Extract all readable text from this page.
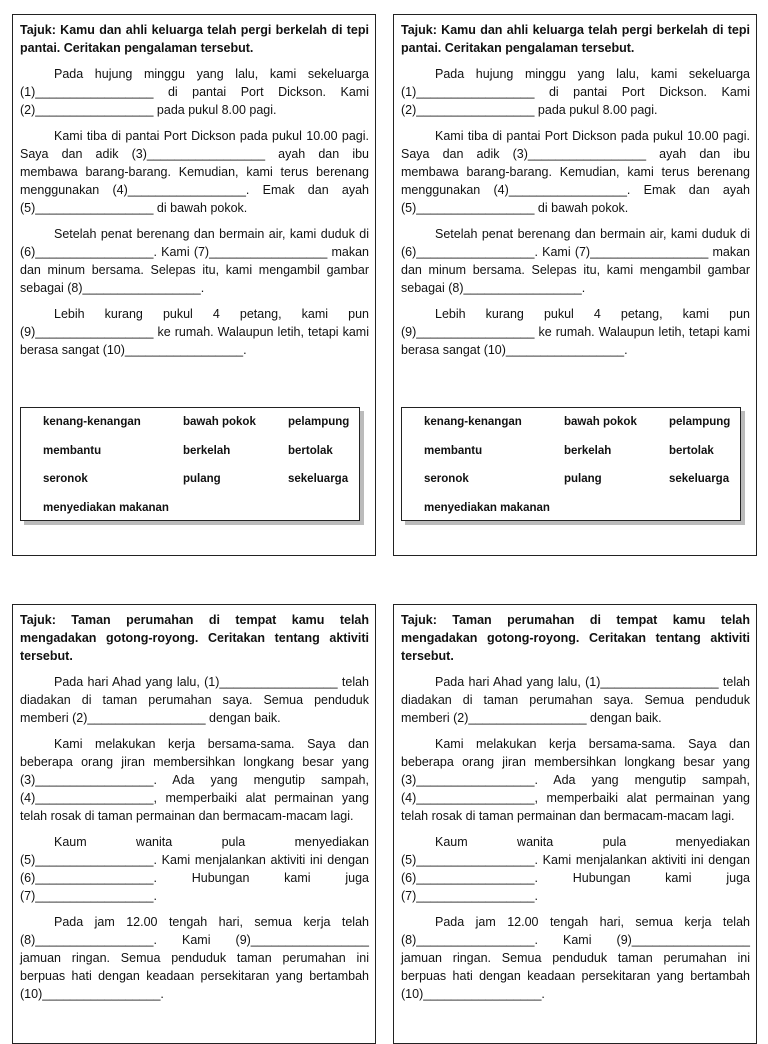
Tajuk: Kamu dan ahli keluarga telah pergi berkelah di tepi pantai. Ceritakan pengalaman tersebut.

Pada hujung minggu yang lalu, kami sekeluarga (1)_________________ di pantai Port Dickson. Kami (2)_________________ pada pukul 8.00 pagi.

Kami tiba di pantai Port Dickson pada pukul 10.00 pagi. Saya dan adik (3)_________________ ayah dan ibu membawa barang-barang. Kemudian, kami terus berenang menggunakan (4)_________________. Emak dan ayah (5)_________________ di bawah pokok.

Setelah penat berenang dan bermain air, kami duduk di (6)_________________. Kami (7)_________________ makan dan minum bersama. Selepas itu, kami mengambil gambar sebagai (8)_________________.

Lebih kurang pukul 4 petang, kami pun (9)_________________ ke rumah. Walaupun letih, tetapi kami berasa sangat (10)_________________.

kenang-kenangan	bawah pokok	pelampung
membantu	berkelah	bertolak
seronok	pulang	sekeluarga
menyediakan makanan

Tajuk: Kamu dan ahli keluarga telah pergi berkelah di tepi pantai. Ceritakan pengalaman tersebut.

Pada hujung minggu yang lalu, kami sekeluarga (1)_________________ di pantai Port Dickson. Kami (2)_________________ pada pukul 8.00 pagi.

Kami tiba di pantai Port Dickson pada pukul 10.00 pagi. Saya dan adik (3)_________________ ayah dan ibu membawa barang-barang. Kemudian, kami terus berenang menggunakan (4)_________________. Emak dan ayah (5)_________________ di bawah pokok.

Setelah penat berenang dan bermain air, kami duduk di (6)_________________. Kami (7)_________________ makan dan minum bersama. Selepas itu, kami mengambil gambar sebagai (8)_________________.

Lebih kurang pukul 4 petang, kami pun (9)_________________ ke rumah. Walaupun letih, tetapi kami berasa sangat (10)_________________.

kenang-kenangan	bawah pokok	pelampung
membantu	berkelah	bertolak
seronok	pulang	sekeluarga
menyediakan makanan

Tajuk: Taman perumahan di tempat kamu telah mengadakan gotong-royong. Ceritakan tentang aktiviti tersebut.

Pada hari Ahad yang lalu, (1)_________________ telah diadakan di taman perumahan saya. Semua penduduk memberi (2)_________________ dengan baik.

Kami melakukan kerja bersama-sama. Saya dan beberapa orang jiran membersihkan longkang besar yang (3)_________________. Ada yang mengutip sampah, (4)_________________, memperbaiki alat permainan yang telah rosak di taman permainan dan bermacam-macam lagi.

Kaum wanita pula menyediakan (5)_________________. Kami menjalankan aktiviti ini dengan (6)_________________. Hubungan kami juga (7)_________________.

Pada jam 12.00 tengah hari, semua kerja telah (8)_________________. Kami (9)_________________ jamuan ringan. Semua penduduk taman perumahan ini berpuas hati dengan keadaan persekitaran yang bertambah (10)_________________.

Tajuk: Taman perumahan di tempat kamu telah mengadakan gotong-royong. Ceritakan tentang aktiviti tersebut.

Pada hari Ahad yang lalu, (1)_________________ telah diadakan di taman perumahan saya. Semua penduduk memberi (2)_________________ dengan baik.

Kami melakukan kerja bersama-sama. Saya dan beberapa orang jiran membersihkan longkang besar yang (3)_________________. Ada yang mengutip sampah, (4)_________________, memperbaiki alat permainan yang telah rosak di taman permainan dan bermacam-macam lagi.

Kaum wanita pula menyediakan (5)_________________. Kami menjalankan aktiviti ini dengan (6)_________________. Hubungan kami juga (7)_________________.

Pada jam 12.00 tengah hari, semua kerja telah (8)_________________. Kami (9)_________________ jamuan ringan. Semua penduduk taman perumahan ini berpuas hati dengan keadaan persekitaran yang bertambah (10)_________________.
